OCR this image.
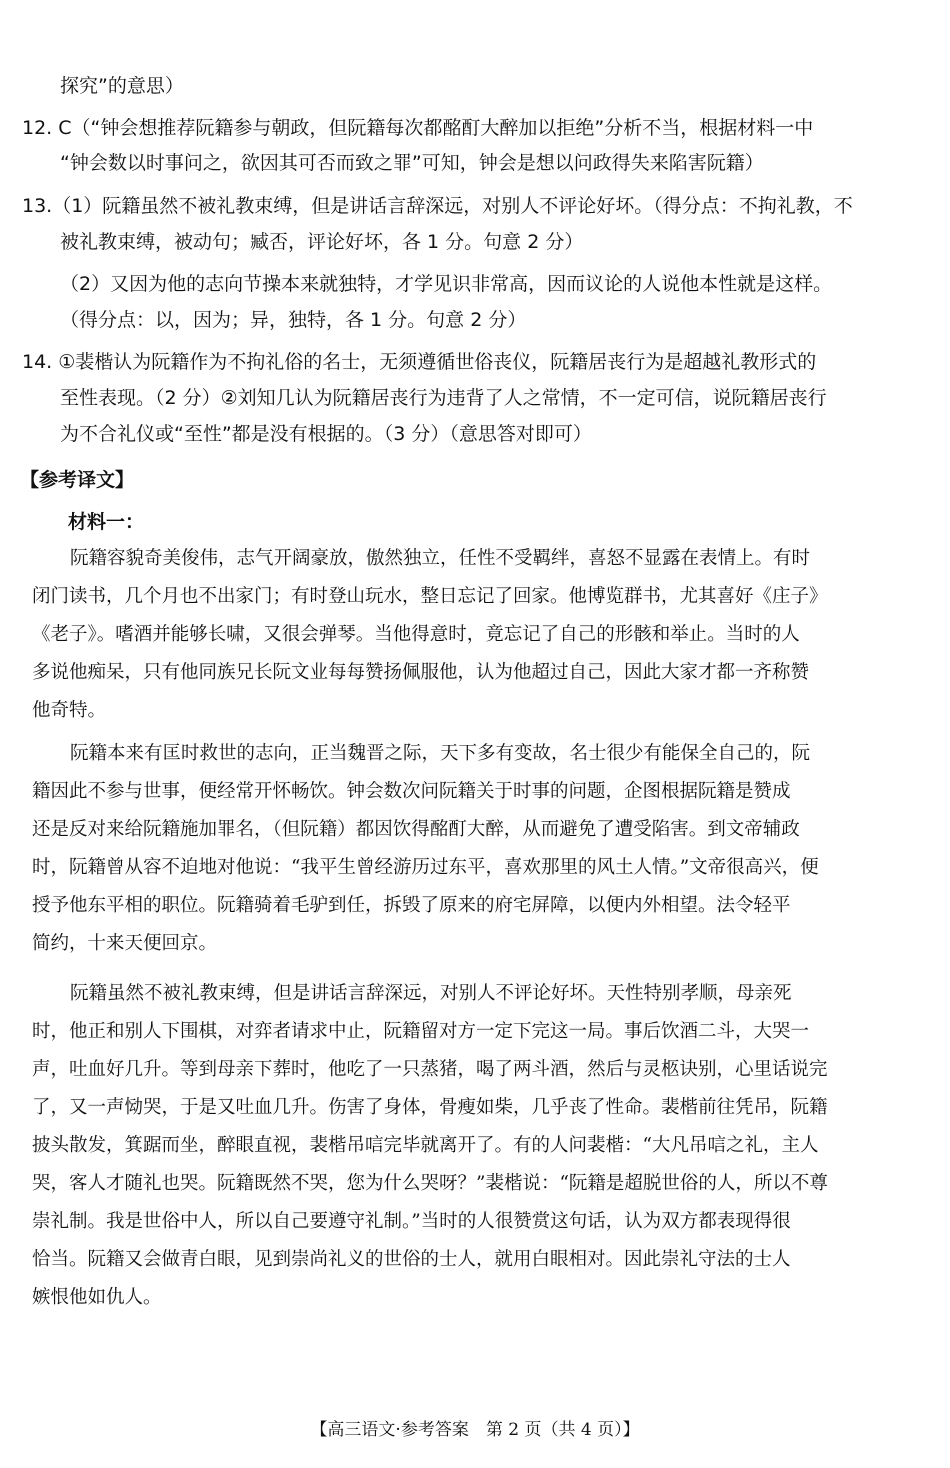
探究”的意思）
12. C（“钟会想推荐阮籍参与朝政，但阮籍每次都酩酊大醉加以拒绝”分析不当，根据材料一中
“钟会数以时事问之，欲因其可否而致之罪”可知，钟会是想以问政得失来陷害阮籍）
13.（1）阮籍虽然不被礼教束缚，但是讲话言辞深远，对别人不评论好坏。（得分点：不拘礼教，不
被礼教束缚，被动句；臧否，评论好坏，各 1 分。句意 2 分）
（2）又因为他的志向节操本来就独特，才学见识非常高，因而议论的人说他本性就是这样。
（得分点：以，因为；异，独特，各 1 分。句意 2 分）
14. ①裴楷认为阮籍作为不拘礼俗的名士，无须遵循世俗丧仪，阮籍居丧行为是超越礼教形式的
至性表现。（2 分）②刘知几认为阮籍居丧行为违背了人之常情，不一定可信，说阮籍居丧行
为不合礼仪或“至性”都是没有根据的。（3 分）（意思答对即可）
【参考译文】
材料一：
阮籍容貌奇美俊伟，志气开阔豪放，傲然独立，任性不受羁绊，喜怒不显露在表情上。有时
闭门读书，几个月也不出家门；有时登山玩水，整日忘记了回家。他博览群书，尤其喜好《庄子》
《老子》。嗜酒并能够长啸，又很会弹琴。当他得意时，竟忘记了自己的形骸和举止。当时的人
多说他痴呆，只有他同族兄长阮文业每每赞扬佩服他，认为他超过自己，因此大家才都一齐称赞
他奇特。
阮籍本来有匡时救世的志向，正当魏晋之际，天下多有变故，名士很少有能保全自己的，阮
籍因此不参与世事，便经常开怀畅饮。钟会数次问阮籍关于时事的问题，企图根据阮籍是赞成
还是反对来给阮籍施加罪名，（但阮籍）都因饮得酩酊大醉，从而避免了遭受陷害。到文帝辅政
时，阮籍曾从容不迫地对他说：“我平生曾经游历过东平，喜欢那里的风土人情。”文帝很高兴，便
授予他东平相的职位。阮籍骑着毛驴到任，拆毁了原来的府宅屏障，以便内外相望。法令轻平
简约，十来天便回京。
阮籍虽然不被礼教束缚，但是讲话言辞深远，对别人不评论好坏。天性特别孝顺，母亲死
时，他正和别人下围棋，对弈者请求中止，阮籍留对方一定下完这一局。事后饮酒二斗，大哭一
声，吐血好几升。等到母亲下葬时，他吃了一只蒸猪，喝了两斗酒，然后与灵柩诀别，心里话说完
了，又一声恸哭，于是又吐血几升。伤害了身体，骨瘦如柴，几乎丧了性命。裴楷前往凭吊，阮籍
披头散发，箕踞而坐，醉眼直视，裴楷吊唁完毕就离开了。有的人问裴楷：“大凡吊唁之礼，主人
哭，客人才随礼也哭。阮籍既然不哭，您为什么哭呀？”裴楷说：“阮籍是超脱世俗的人，所以不尊
崇礼制。我是世俗中人，所以自己要遵守礼制。”当时的人很赞赏这句话，认为双方都表现得很
恰当。阮籍又会做青白眼，见到崇尚礼义的世俗的士人，就用白眼相对。因此崇礼守法的士人
嫉恨他如仇人。
【高三语文·参考答案　第 2 页（共 4 页）】
